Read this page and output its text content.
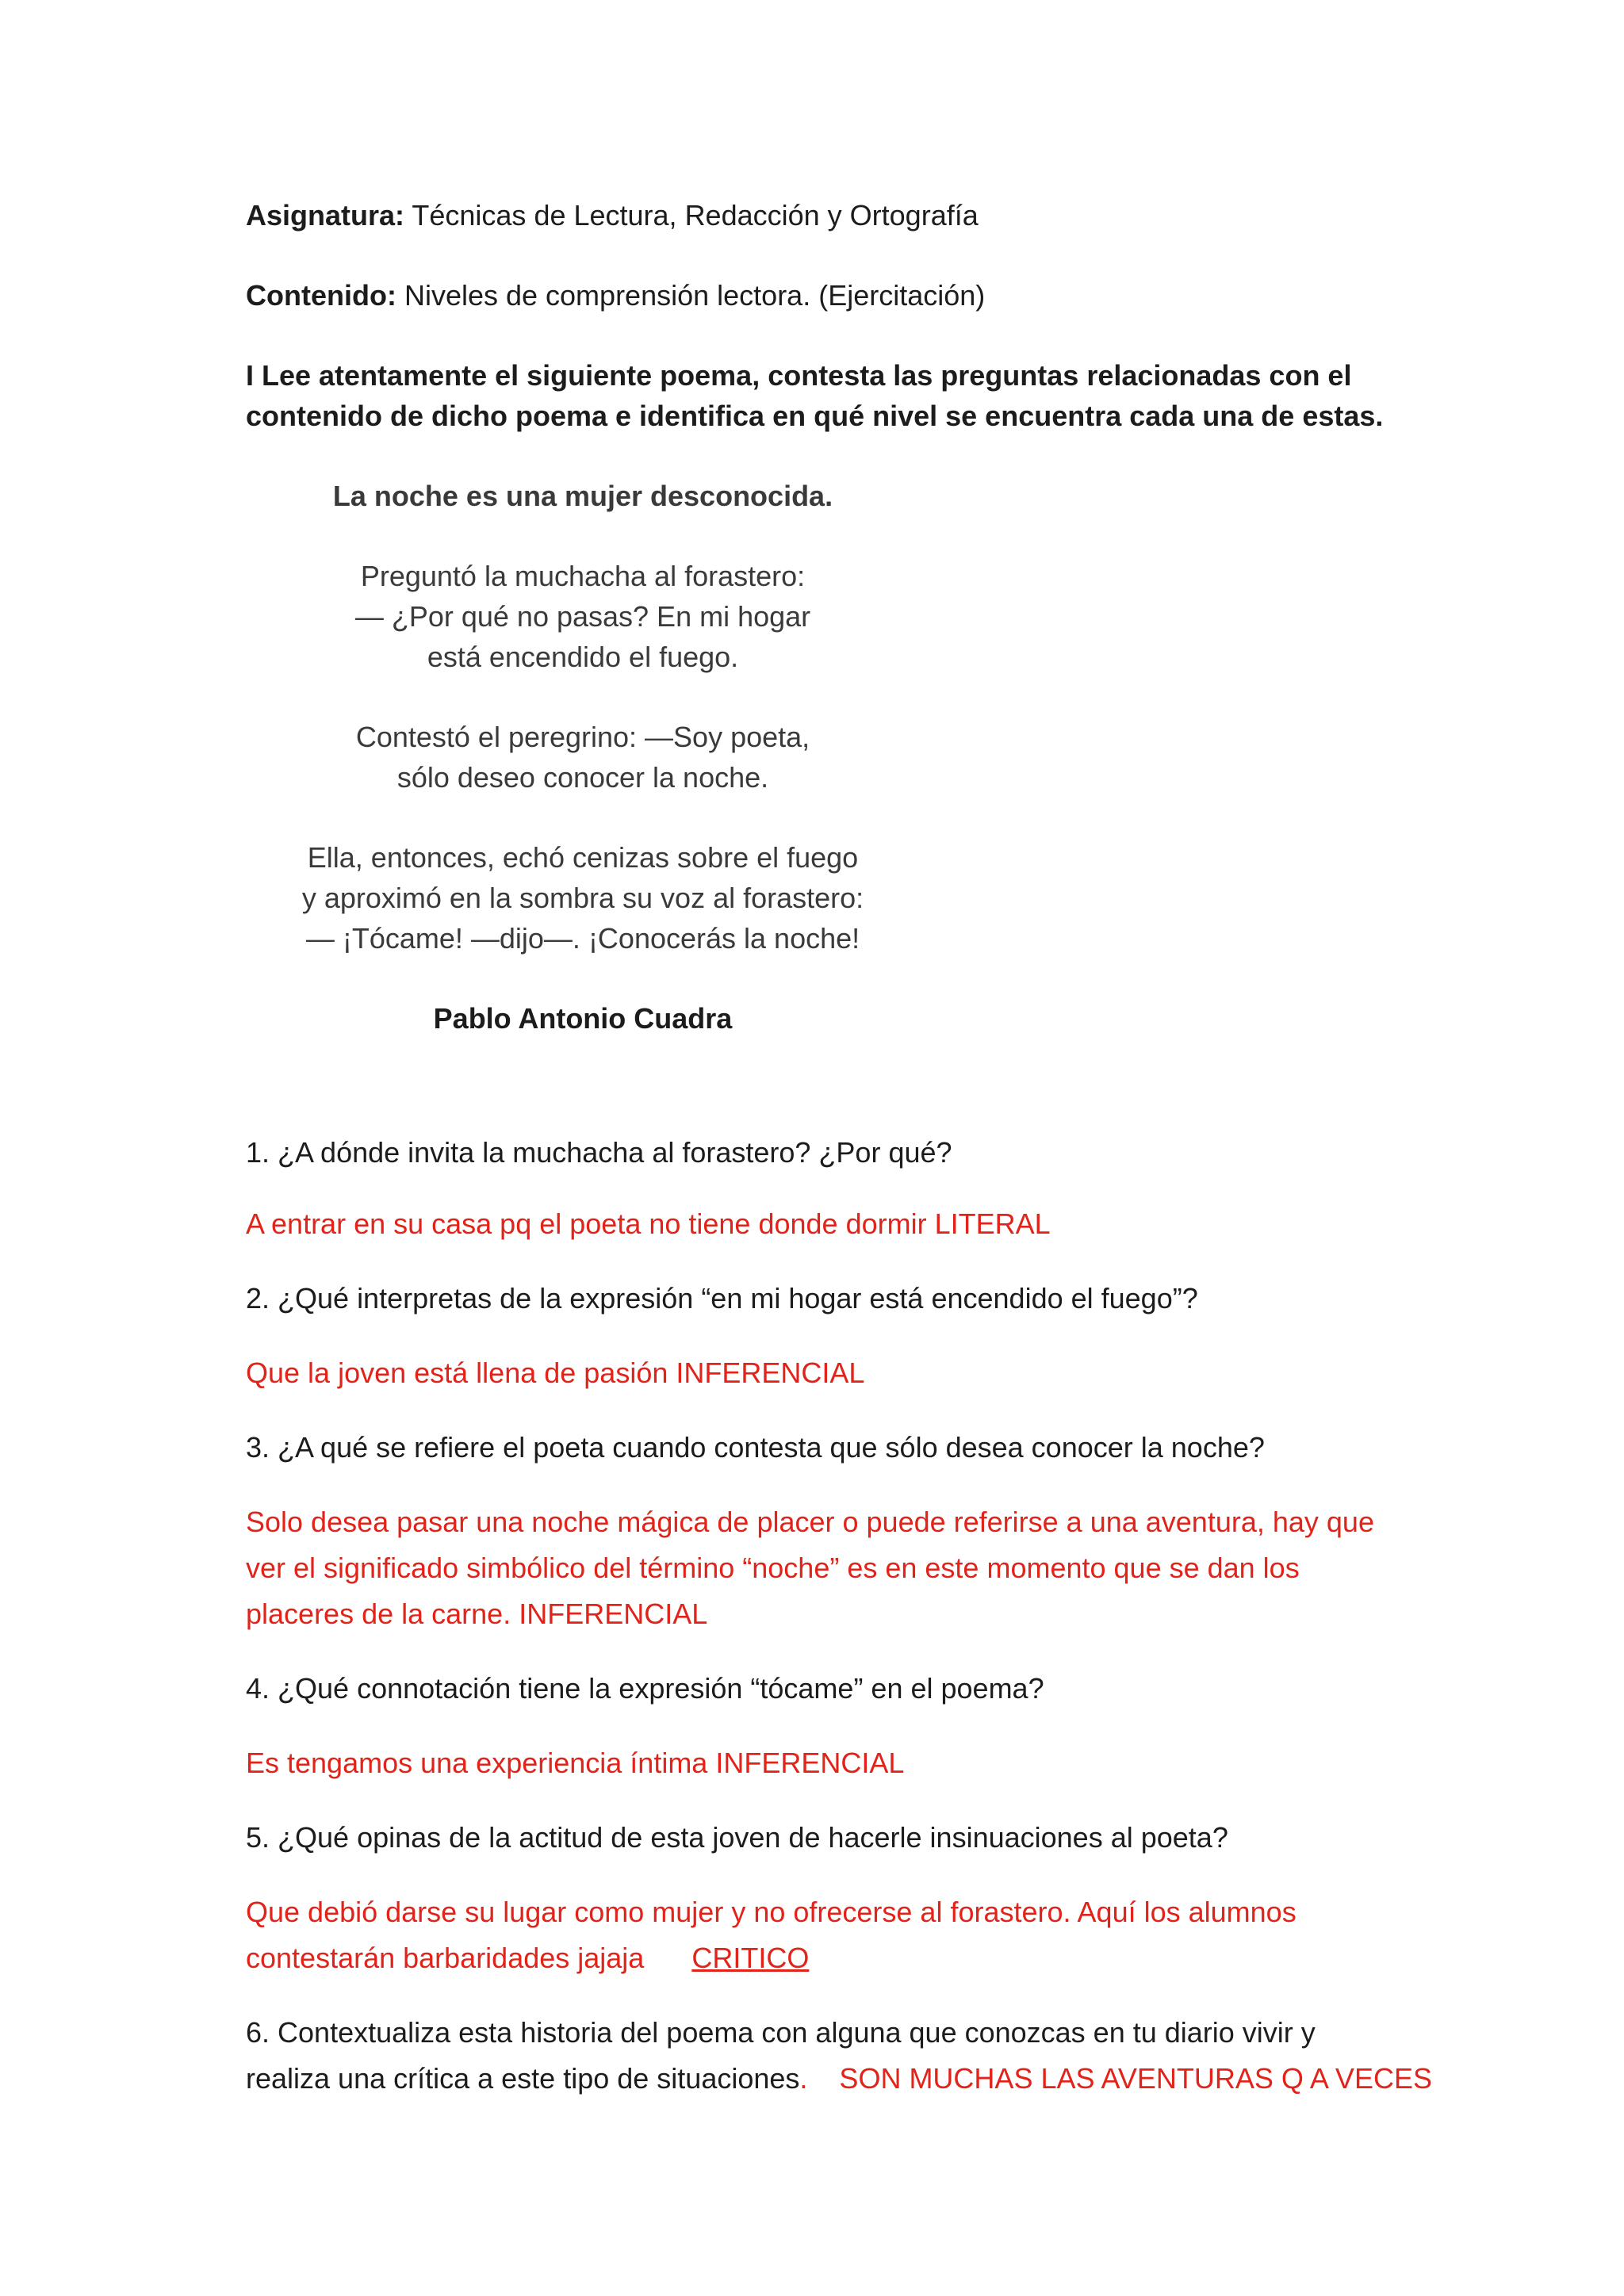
Asignatura: Técnicas de Lectura, Redacción y Ortografía
Contenido: Niveles de comprensión lectora. (Ejercitación)
I Lee atentamente el siguiente poema, contesta las preguntas relacionadas con el
contenido de dicho poema e identifica en qué nivel se encuentra cada una de estas.
La noche es una mujer desconocida.
Preguntó la muchacha al forastero:
— ¿Por qué no pasas? En mi hogar
está encendido el fuego.
Contestó el peregrino: —Soy poeta,
sólo deseo conocer la noche.
Ella, entonces, echó cenizas sobre el fuego
y aproximó en la sombra su voz al forastero:
— ¡Tócame! —dijo—. ¡Conocerás la noche!
Pablo Antonio Cuadra
1. ¿A dónde invita la muchacha al forastero? ¿Por qué?
A entrar en su casa pq el poeta no tiene donde dormir LITERAL
2. ¿Qué interpretas de la expresión “en mi hogar está encendido el fuego”?
Que la joven está llena de pasión INFERENCIAL
3. ¿A qué se refiere el poeta cuando contesta que sólo desea conocer la noche?
Solo desea pasar una noche mágica de placer o puede referirse a una aventura, hay que
ver el significado simbólico del término “noche” es en este momento que se dan los
placeres de la carne. INFERENCIAL
4. ¿Qué connotación tiene la expresión “tócame” en el poema?
Es tengamos una experiencia íntima INFERENCIAL
5. ¿Qué opinas de la actitud de esta joven de hacerle insinuaciones al poeta?
Que debió darse su lugar como mujer y no ofrecerse al forastero. Aquí los alumnos
contestarán barbaridades jajaja      CRITICO
6. Contextualiza esta historia del poema con alguna que conozcas en tu diario vivir y
realiza una crítica a este tipo de situaciones.    SON MUCHAS LAS AVENTURAS Q A VECES
